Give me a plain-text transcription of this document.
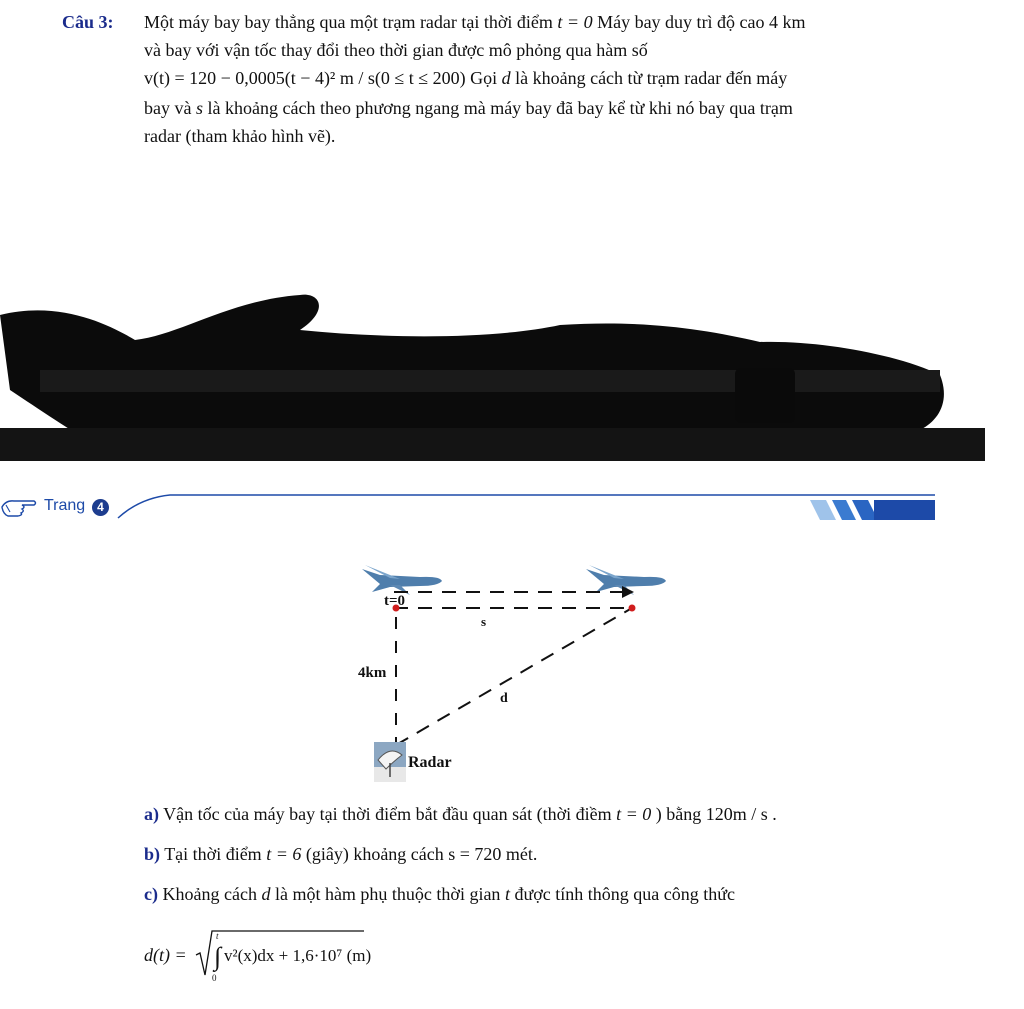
Câu 3: Một máy bay bay thẳng qua một trạm radar tại thời điểm t = 0 Máy bay duy trì độ cao 4 km
và bay với vận tốc thay đổi theo thời gian được mô phỏng qua hàm số
v(t) = 120 − 0,0005(t − 4)² m / s(0 ≤ t ≤ 200) Gọi d là khoảng cách từ trạm radar đến máy
bay và s là khoảng cách theo phương ngang mà máy bay đã bay kể từ khi nó bay qua trạm
radar (tham khảo hình vẽ).
Trang 4
t=0
s
4km
d
Radar
a) Vận tốc của máy bay tại thời điểm bắt đầu quan sát (thời điềm t = 0 ) bằng 120m / s .
b) Tại thời điểm t = 6 (giây) khoảng cách s = 720 mét.
c) Khoảng cách d là một hàm phụ thuộc thời gian t được tính thông qua công thức
d(t) = ∫
t
0
v²(x)dx + 1,6·10⁷ (m)
